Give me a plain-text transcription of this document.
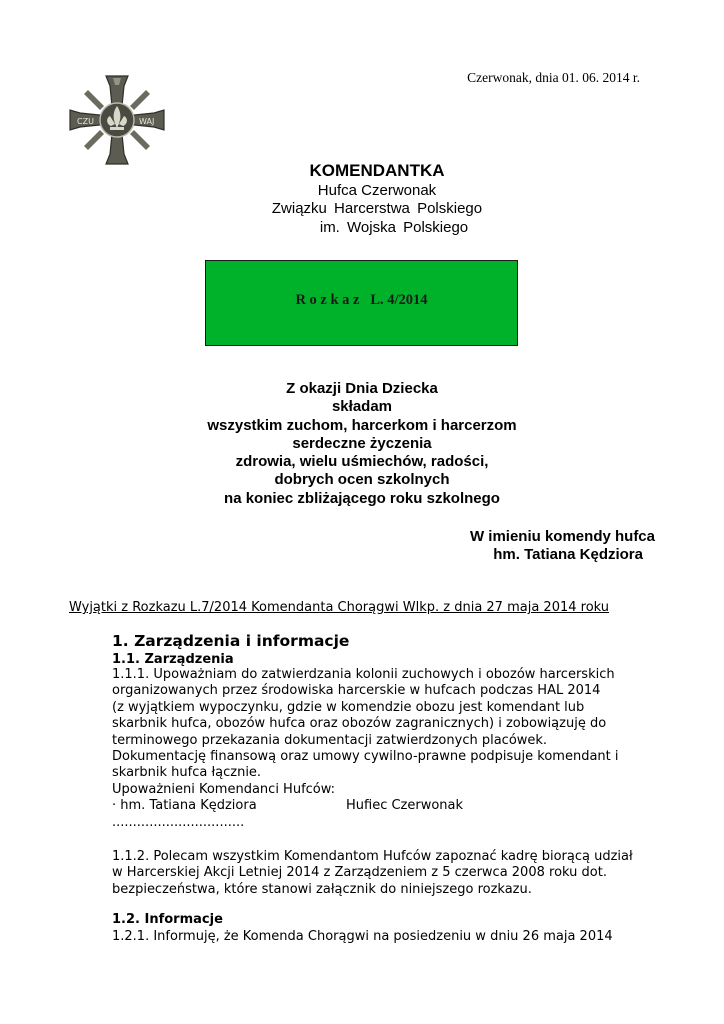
Czerwonak, dnia 01. 06. 2014 r.
CZU	WAJ
KOMENDANTKA
Hufca Czerwonak
Związku Harcerstwa Polskiego
im. Wojska Polskiego
R o z k a z   L. 4/2014
Z okazji Dnia Dziecka
składam
wszystkim zuchom, harcerkom i harcerzom
serdeczne życzenia
zdrowia, wielu uśmiechów, radości,
dobrych ocen szkolnych
na koniec zbliżającego roku szkolnego
W imieniu komendy hufca
hm. Tatiana Kędziora
Wyjątki z Rozkazu L.7/2014 Komendanta Chorągwi Wlkp. z dnia 27 maja 2014 roku
1. Zarządzenia i informacje
1.1. Zarządzenia
1.1.1. Upoważniam do zatwierdzania kolonii zuchowych i obozów harcerskich
organizowanych przez środowiska harcerskie w hufcach podczas HAL 2014
(z wyjątkiem wypoczynku, gdzie w komendzie obozu jest komendant lub
skarbnik hufca, obozów hufca oraz obozów zagranicznych) i zobowiązuję do
terminowego przekazania dokumentacji zatwierdzonych placówek.
Dokumentację finansową oraz umowy cywilno-prawne podpisuje komendant i
skarbnik hufca łącznie.
Upoważnieni Komendanci Hufców:
· hm. Tatiana Kędziora	Hufiec Czerwonak
................................
1.1.2. Polecam wszystkim Komendantom Hufców zapoznać kadrę biorącą udział
w Harcerskiej Akcji Letniej 2014 z Zarządzeniem z 5 czerwca 2008 roku dot.
bezpieczeństwa, które stanowi załącznik do niniejszego rozkazu.
1.2. Informacje
1.2.1. Informuję, że Komenda Chorągwi na posiedzeniu w dniu 26 maja 2014
